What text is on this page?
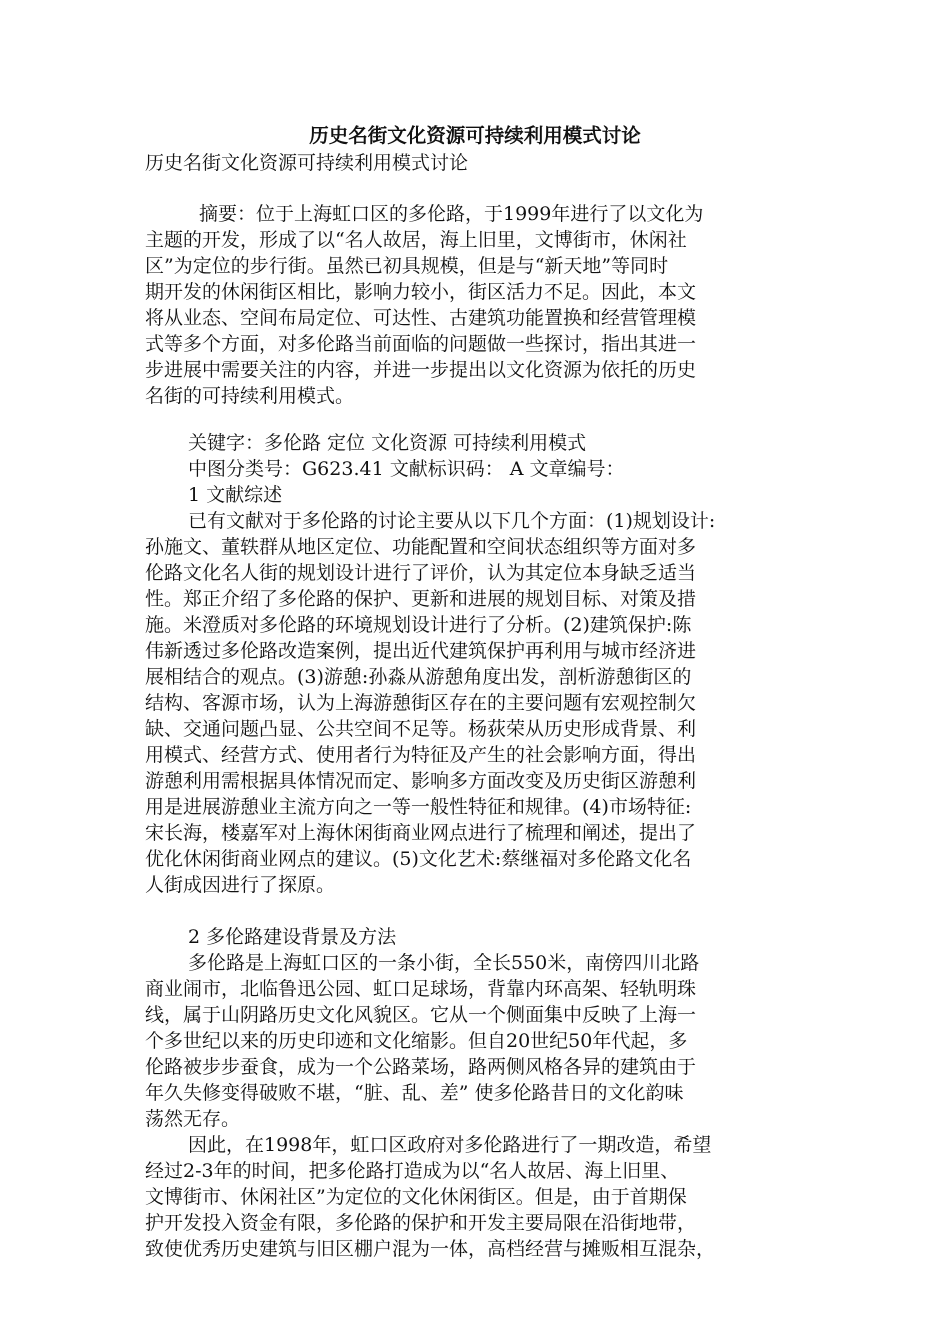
历史名街文化资源可持续利用模式讨论
历史名街文化资源可持续利用模式讨论
摘要：位于上海虹口区的多伦路，于1999年进行了以文化为
主题的开发，形成了以“名人故居，海上旧里，文博街市，休闲社
区”为定位的步行街。虽然已初具规模，但是与“新天地”等同时
期开发的休闲街区相比，影响力较小，街区活力不足。因此，本文
将从业态、空间布局定位、可达性、古建筑功能置换和经营管理模
式等多个方面，对多伦路当前面临的问题做一些探讨，指出其进一
步进展中需要关注的内容，并进一步提出以文化资源为依托的历史
名街的可持续利用模式。
关键字：多伦路 定位 文化资源 可持续利用模式
中图分类号：G623.41 文献标识码： A 文章编号：
1 文献综述
已有文献对于多伦路的讨论主要从以下几个方面：(1)规划设计:
孙施文、董轶群从地区定位、功能配置和空间状态组织等方面对多
伦路文化名人街的规划设计进行了评价，认为其定位本身缺乏适当
性。郑正介绍了多伦路的保护、更新和进展的规划目标、对策及措
施。米澄质对多伦路的环境规划设计进行了分析。(2)建筑保护:陈
伟新透过多伦路改造案例，提出近代建筑保护再利用与城市经济进
展相结合的观点。(3)游憩:孙淼从游憩角度出发，剖析游憩街区的
结构、客源市场，认为上海游憩街区存在的主要问题有宏观控制欠
缺、交通问题凸显、公共空间不足等。杨荻荣从历史形成背景、利
用模式、经营方式、使用者行为特征及产生的社会影响方面，得出
游憩利用需根据具体情况而定、影响多方面改变及历史街区游憩利
用是进展游憩业主流方向之一等一般性特征和规律。(4)市场特征:
宋长海，楼嘉军对上海休闲街商业网点进行了梳理和阐述，提出了
优化休闲街商业网点的建议。(5)文化艺术:蔡继福对多伦路文化名
人街成因进行了探原。
2 多伦路建设背景及方法
多伦路是上海虹口区的一条小街，全长550米，南傍四川北路
商业闹市，北临鲁迅公园、虹口足球场，背靠内环高架、轻轨明珠
线，属于山阴路历史文化风貌区。它从一个侧面集中反映了上海一
个多世纪以来的历史印迹和文化缩影。但自20世纪50年代起，多
伦路被步步蚕食，成为一个公路菜场，路两侧风格各异的建筑由于
年久失修变得破败不堪，“脏、乱、差” 使多伦路昔日的文化韵味
荡然无存。
因此，在1998年，虹口区政府对多伦路进行了一期改造，希望
经过2-3年的时间，把多伦路打造成为以“名人故居、海上旧里、
文博街市、休闲社区”为定位的文化休闲街区。但是，由于首期保
护开发投入资金有限，多伦路的保护和开发主要局限在沿街地带，
致使优秀历史建筑与旧区棚户混为一体，高档经营与摊贩相互混杂，
